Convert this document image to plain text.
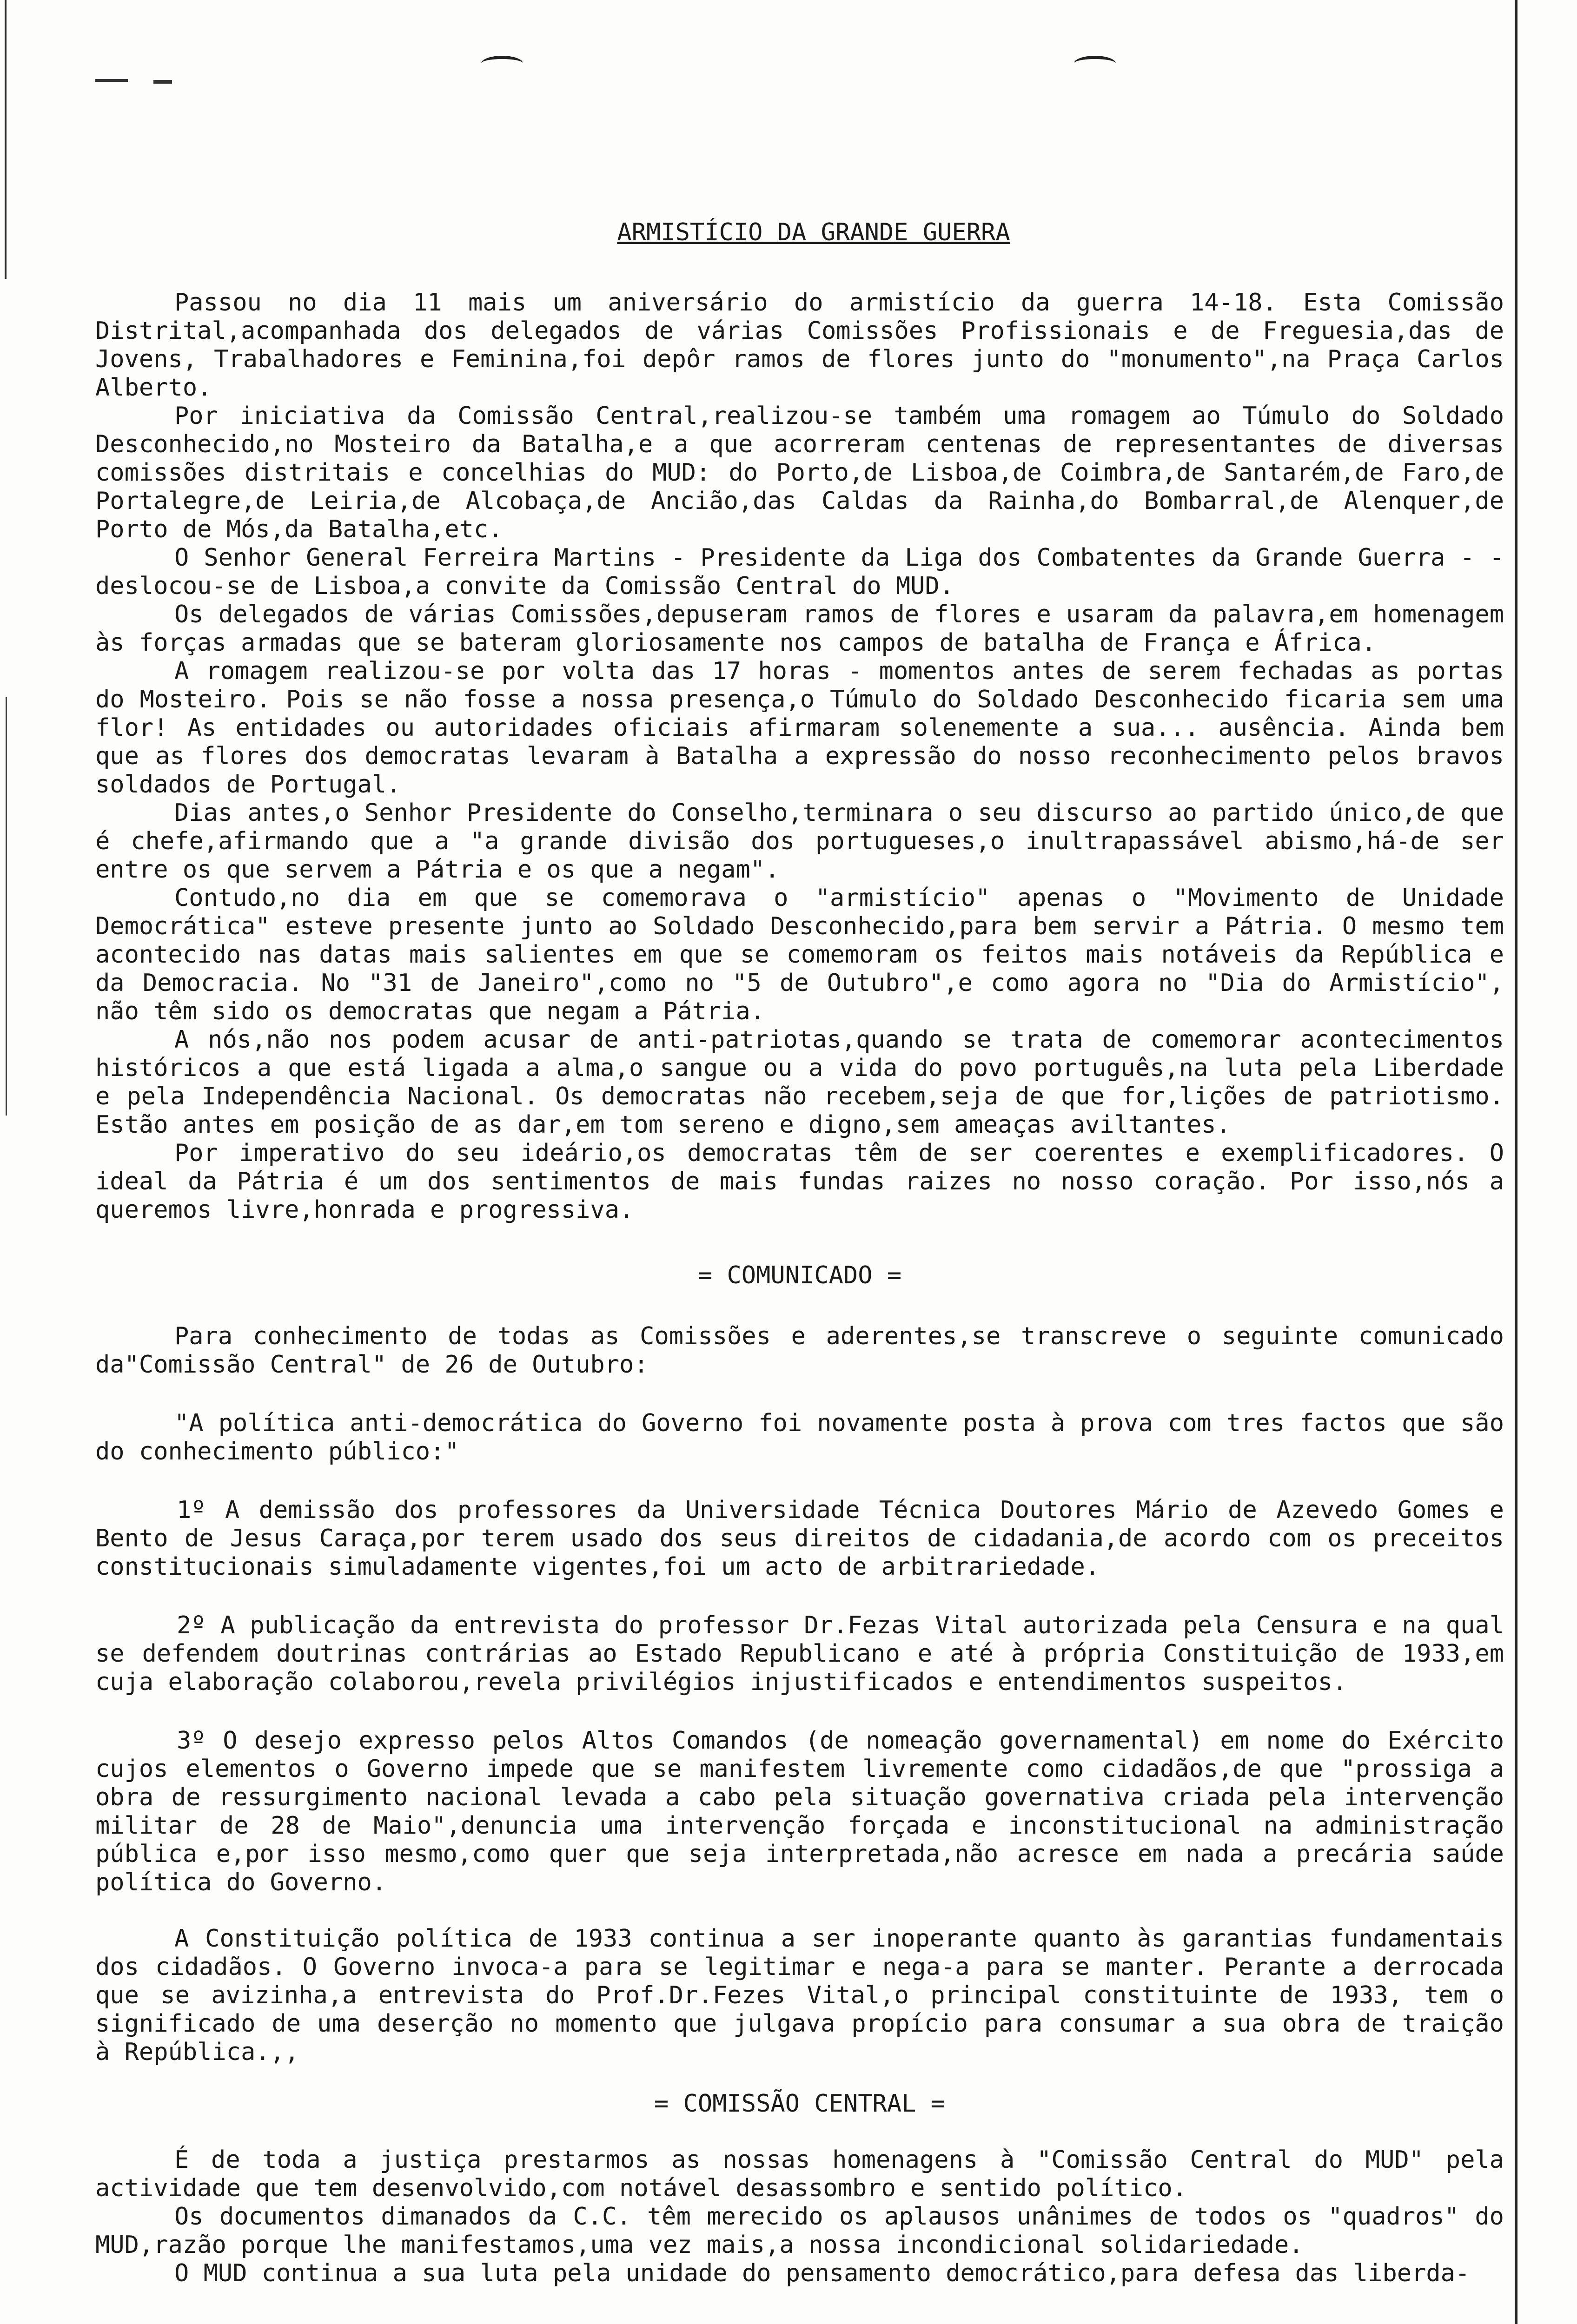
ARMISTÍCIO DA GRANDE GUERRA

Passou no dia 11 mais um aniversário do armistício da guerra 14-18. Esta Comissão Distrital,acompanhada dos delegados de várias Comissões Profissionais e de Freguesia,das de Jovens, Trabalhadores e Feminina,foi depôr ramos de flores junto do "monumento",na Praça Carlos Alberto.

Por iniciativa da Comissão Central,realizou-se também uma romagem ao Túmulo do Soldado Desconhecido,no Mosteiro da Batalha,e a que acorreram centenas de representantes de diversas comissões distritais e concelhias do MUD: do Porto,de Lisboa,de Coimbra,de Santarém,de Faro,de Portalegre,de Leiria,de Alcobaça,de Ancião,das Caldas da Rainha,do Bombarral,de Alenquer,de Porto de Mós,da Batalha,etc.

O Senhor General Ferreira Martins - Presidente da Liga dos Combatentes da Grande Guerra - - deslocou-se de Lisboa,a convite da Comissão Central do MUD.

Os delegados de várias Comissões,depuseram ramos de flores e usaram da palavra,em homenagem às forças armadas que se bateram gloriosamente nos campos de batalha de França e África.

A romagem realizou-se por volta das 17 horas - momentos antes de serem fechadas as portas do Mosteiro. Pois se não fosse a nossa presença,o Túmulo do Soldado Desconhecido ficaria sem uma flor! As entidades ou autoridades oficiais afirmaram solenemente a sua... ausência. Ainda bem que as flores dos democratas levaram à Batalha a expressão do nosso reconhecimento pelos bravos soldados de Portugal.

Dias antes,o Senhor Presidente do Conselho,terminara o seu discurso ao partido único,de que é chefe,afirmando que a "a grande divisão dos portugueses,o inultrapassável abismo,há-de ser entre os que servem a Pátria e os que a negam".

Contudo,no dia em que se comemorava o "armistício" apenas o "Movimento de Unidade Democrática" esteve presente junto ao Soldado Desconhecido,para bem servir a Pátria. O mesmo tem acontecido nas datas mais salientes em que se comemoram os feitos mais notáveis da República e da Democracia. No "31 de Janeiro",como no "5 de Outubro",e como agora no "Dia do Armistício", não têm sido os democratas que negam a Pátria.

A nós,não nos podem acusar de anti-patriotas,quando se trata de comemorar acontecimentos históricos a que está ligada a alma,o sangue ou a vida do povo português,na luta pela Liberdade e pela Independência Nacional. Os democratas não recebem,seja de que for,lições de patriotismo. Estão antes em posição de as dar,em tom sereno e digno,sem ameaças aviltantes.

Por imperativo do seu ideário,os democratas têm de ser coerentes e exemplificadores. O ideal da Pátria é um dos sentimentos de mais fundas raizes no nosso coração. Por isso,nós a queremos livre,honrada e progressiva.

= COMUNICADO =

Para conhecimento de todas as Comissões e aderentes,se transcreve o seguinte comunicado da"Comissão Central" de 26 de Outubro:

"A política anti-democrática do Governo foi novamente posta à prova com tres factos que são do conhecimento público:"

1º A demissão dos professores da Universidade Técnica Doutores Mário de Azevedo Gomes e Bento de Jesus Caraça,por terem usado dos seus direitos de cidadania,de acordo com os preceitos constitucionais simuladamente vigentes,foi um acto de arbitrariedade.

2º A publicação da entrevista do professor Dr.Fezas Vital autorizada pela Censura e na qual se defendem doutrinas contrárias ao Estado Republicano e até à própria Constituição de 1933,em cuja elaboração colaborou,revela privilégios injustificados e entendimentos suspeitos.

3º O desejo expresso pelos Altos Comandos (de nomeação governamental) em nome do Exército cujos elementos o Governo impede que se manifestem livremente como cidadãos,de que "prossiga a obra de ressurgimento nacional levada a cabo pela situação governativa criada pela intervenção militar de 28 de Maio",denuncia uma intervenção forçada e inconstitucional na administração pública e,por isso mesmo,como quer que seja interpretada,não acresce em nada a precária saúde política do Governo.

A Constituição política de 1933 continua a ser inoperante quanto às garantias fundamentais dos cidadãos. O Governo invoca-a para se legitimar e nega-a para se manter. Perante a derrocada que se avizinha,a entrevista do Prof.Dr.Fezes Vital,o principal constituinte de 1933, tem o significado de uma deserção no momento que julgava propício para consumar a sua obra de traição à República.,,

= COMISSÃO CENTRAL =

É de toda a justiça prestarmos as nossas homenagens à "Comissão Central do MUD" pela actividade que tem desenvolvido,com notável desassombro e sentido político.

Os documentos dimanados da C.C. têm merecido os aplausos unânimes de todos os "quadros" do MUD,razão porque lhe manifestamos,uma vez mais,a nossa incondicional solidariedade.

O MUD continua a sua luta pela unidade do pensamento democrático,para defesa das liberda-
